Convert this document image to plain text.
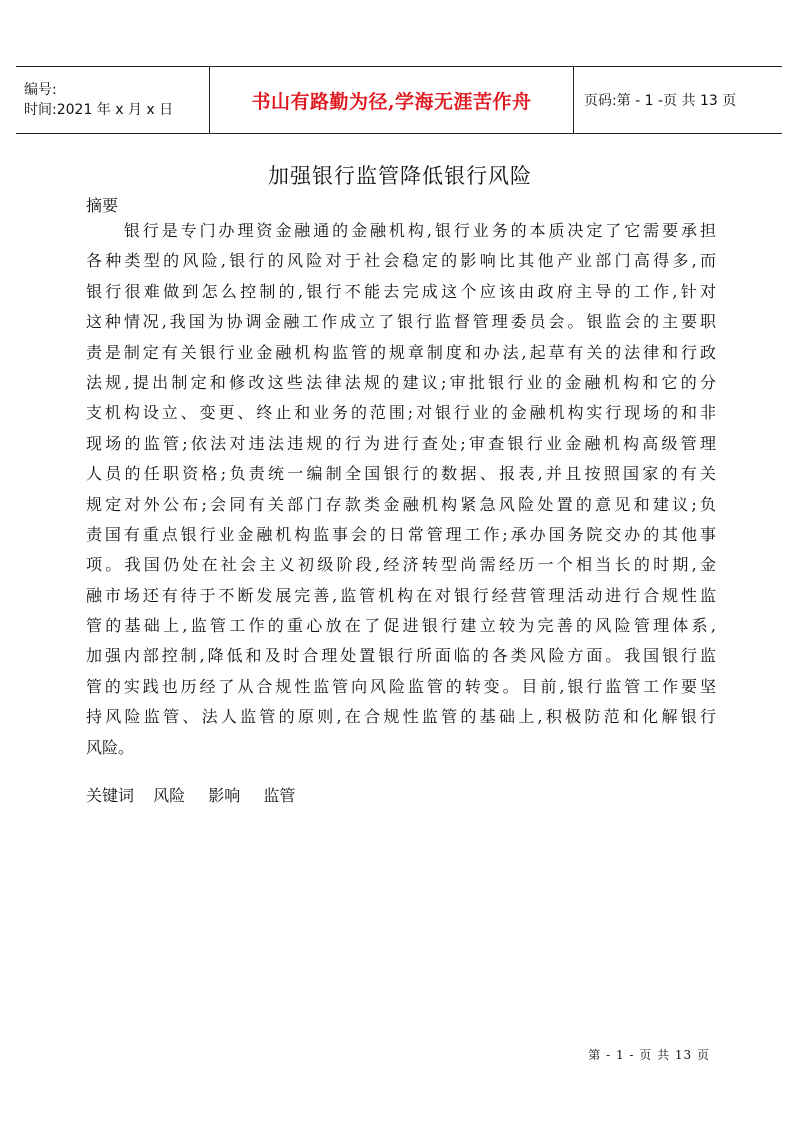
编号:
时间:2021 年 x 月 x 日	书山有路勤为径,学海无涯苦作舟	页码:第 - 1 -页 共 13 页
加强银行监管降低银行风险
摘要
　　银行是专门办理资金融通的金融机构,银行业务的本质决定了它需要承担
各种类型的风险,银行的风险对于社会稳定的影响比其他产业部门高得多,而
银行很难做到怎么控制的,银行不能去完成这个应该由政府主导的工作,针对
这种情况,我国为协调金融工作成立了银行监督管理委员会。银监会的主要职
责是制定有关银行业金融机构监管的规章制度和办法,起草有关的法律和行政
法规,提出制定和修改这些法律法规的建议;审批银行业的金融机构和它的分
支机构设立、变更、终止和业务的范围;对银行业的金融机构实行现场的和非
现场的监管;依法对违法违规的行为进行查处;审查银行业金融机构高级管理
人员的任职资格;负责统一编制全国银行的数据、报表,并且按照国家的有关
规定对外公布;会同有关部门存款类金融机构紧急风险处置的意见和建议;负
责国有重点银行业金融机构监事会的日常管理工作;承办国务院交办的其他事
项。我国仍处在社会主义初级阶段,经济转型尚需经历一个相当长的时期,金
融市场还有待于不断发展完善,监管机构在对银行经营管理活动进行合规性监
管的基础上,监管工作的重心放在了促进银行建立较为完善的风险管理体系,
加强内部控制,降低和及时合理处置银行所面临的各类风险方面。我国银行监
管的实践也历经了从合规性监管向风险监管的转变。目前,银行监管工作要坚
持风险监管、法人监管的原则,在合规性监管的基础上,积极防范和化解银行
风险。
关键词 风险 影响 监管
第 - 1 - 页 共 13 页
